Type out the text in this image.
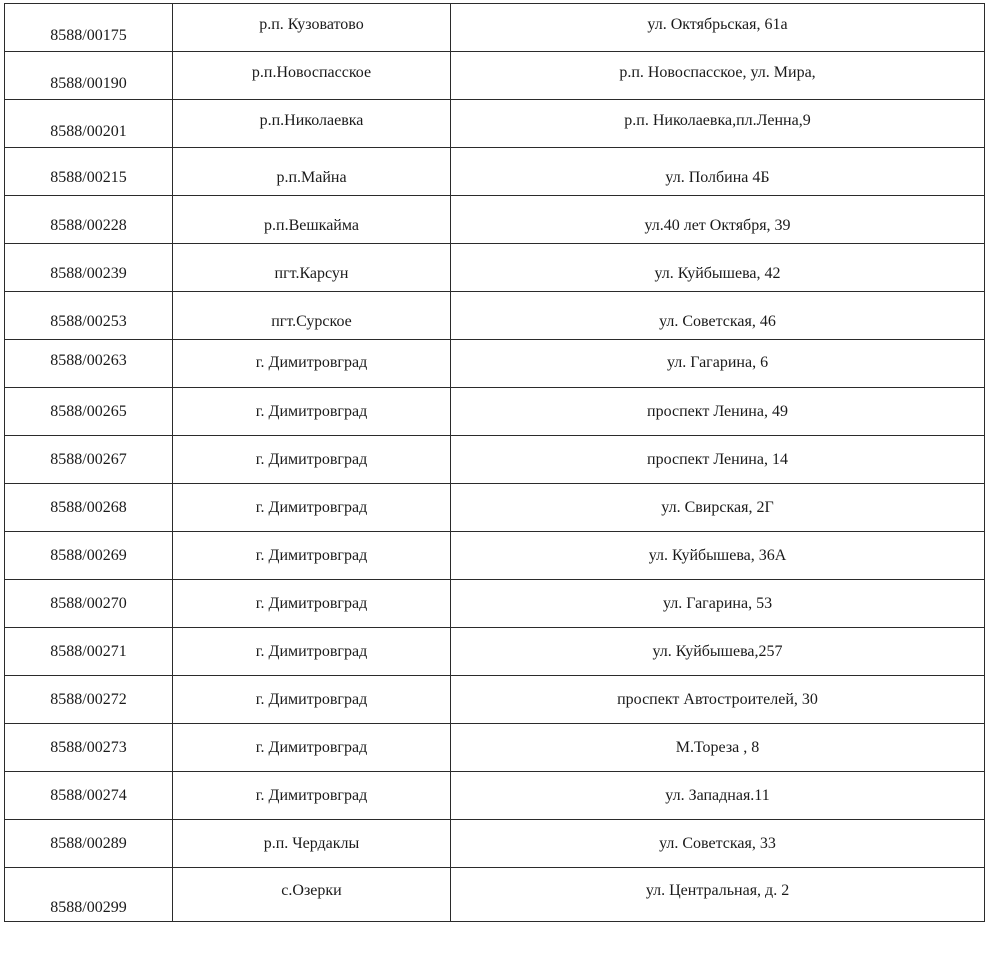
8588/00175	р.п. Кузоватово	ул. Октябрьская, 61а
8588/00190	р.п.Новоспасское	р.п. Новоспасское, ул. Мира,
8588/00201	р.п.Николаевка	р.п. Николаевка,пл.Ленна,9
8588/00215	р.п.Майна	ул. Полбина 4Б
8588/00228	р.п.Вешкайма	ул.40 лет Октября, 39
8588/00239	пгт.Карсун	ул. Куйбышева, 42
8588/00253	пгт.Сурское	ул. Советская, 46
8588/00263	г. Димитровград	ул. Гагарина, 6
8588/00265	г. Димитровград	проспект Ленина, 49
8588/00267	г. Димитровград	проспект Ленина, 14
8588/00268	г. Димитровград	ул. Свирская, 2Г
8588/00269	г. Димитровград	ул. Куйбышева, 36А
8588/00270	г. Димитровград	ул. Гагарина, 53
8588/00271	г. Димитровград	ул. Куйбышева,257
8588/00272	г. Димитровград	проспект Автостроителей, 30
8588/00273	г. Димитровград	М.Тореза , 8
8588/00274	г. Димитровград	ул. Западная.11
8588/00289	р.п. Чердаклы	ул. Советская, 33
8588/00299	с.Озерки	ул. Центральная, д. 2
